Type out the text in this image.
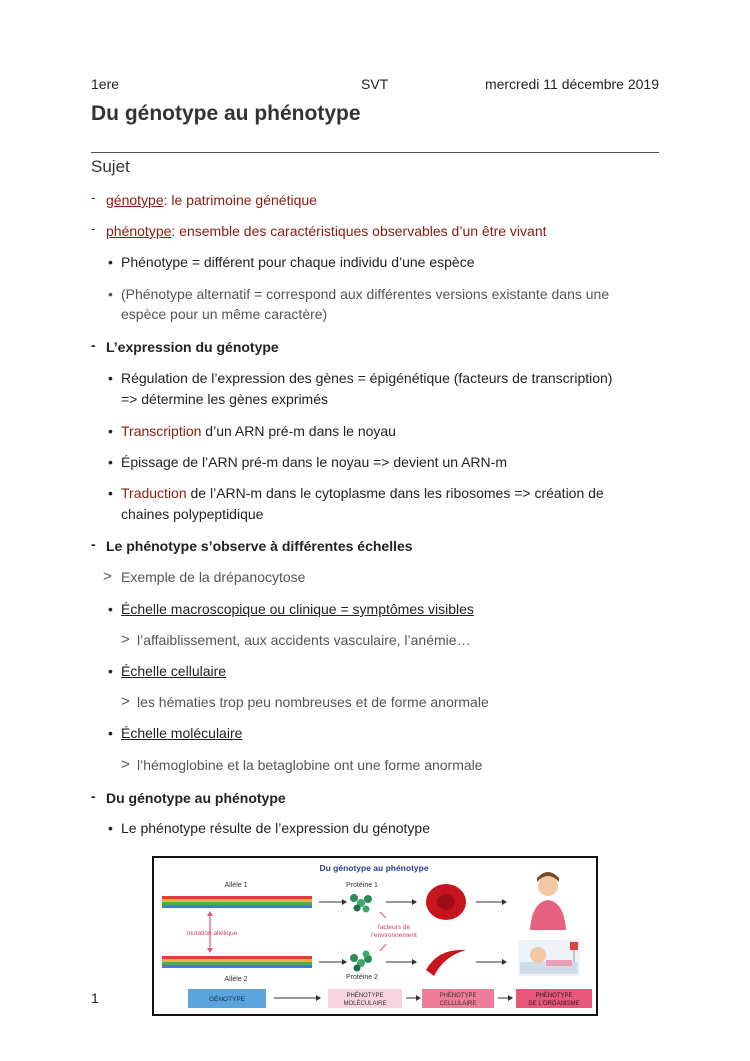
1ere	SVT	mercredi 11 décembre 2019
Du génotype au phénotype
Sujet
- génotype: le patrimoine génétique
- phénotype: ensemble des caractéristiques observables d’un être vivant
• Phénotype = différent pour chaque individu d’une espèce
• (Phénotype alternatif = correspond aux différentes versions existante dans une
espèce pour un même caractère)
- L’expression du génotype
• Régulation de l’expression des gènes = épigénétique (facteurs de transcription)
=> détermine les gènes exprimés
• Transcription d’un ARN pré-m dans le noyau
• Épissage de l’ARN pré-m dans le noyau => devient un ARN-m
• Traduction de l’ARN-m dans le cytoplasme dans les ribosomes => création de
chaines polypeptidique
- Le phénotype s’observe à différentes échelles
> Exemple de la drépanocytose
• Échelle macroscopique ou clinique = symptômes visibles
> l’affaiblissement, aux accidents vasculaire, l’anémie…
• Échelle cellulaire
> les hématies trop peu nombreuses et de forme anormale
• Échelle moléculaire
> l’hémoglobine et la betaglobine ont une forme anormale
- Du génotype au phénotype
• Le phénotype résulte de l’expression du génotype
Du génotype au phénotype
Allèle 1
Allèle 2
mutation allélique
Protéine 1
Protéine 2
facteurs de
l'environnement
GÉNOTYPE	PHÉNOTYPE
MOLÉCULAIRE
PHÉNOTYPE
CELLULAIRE
PHÉNOTYPE
DE L'ORGANISME
1
